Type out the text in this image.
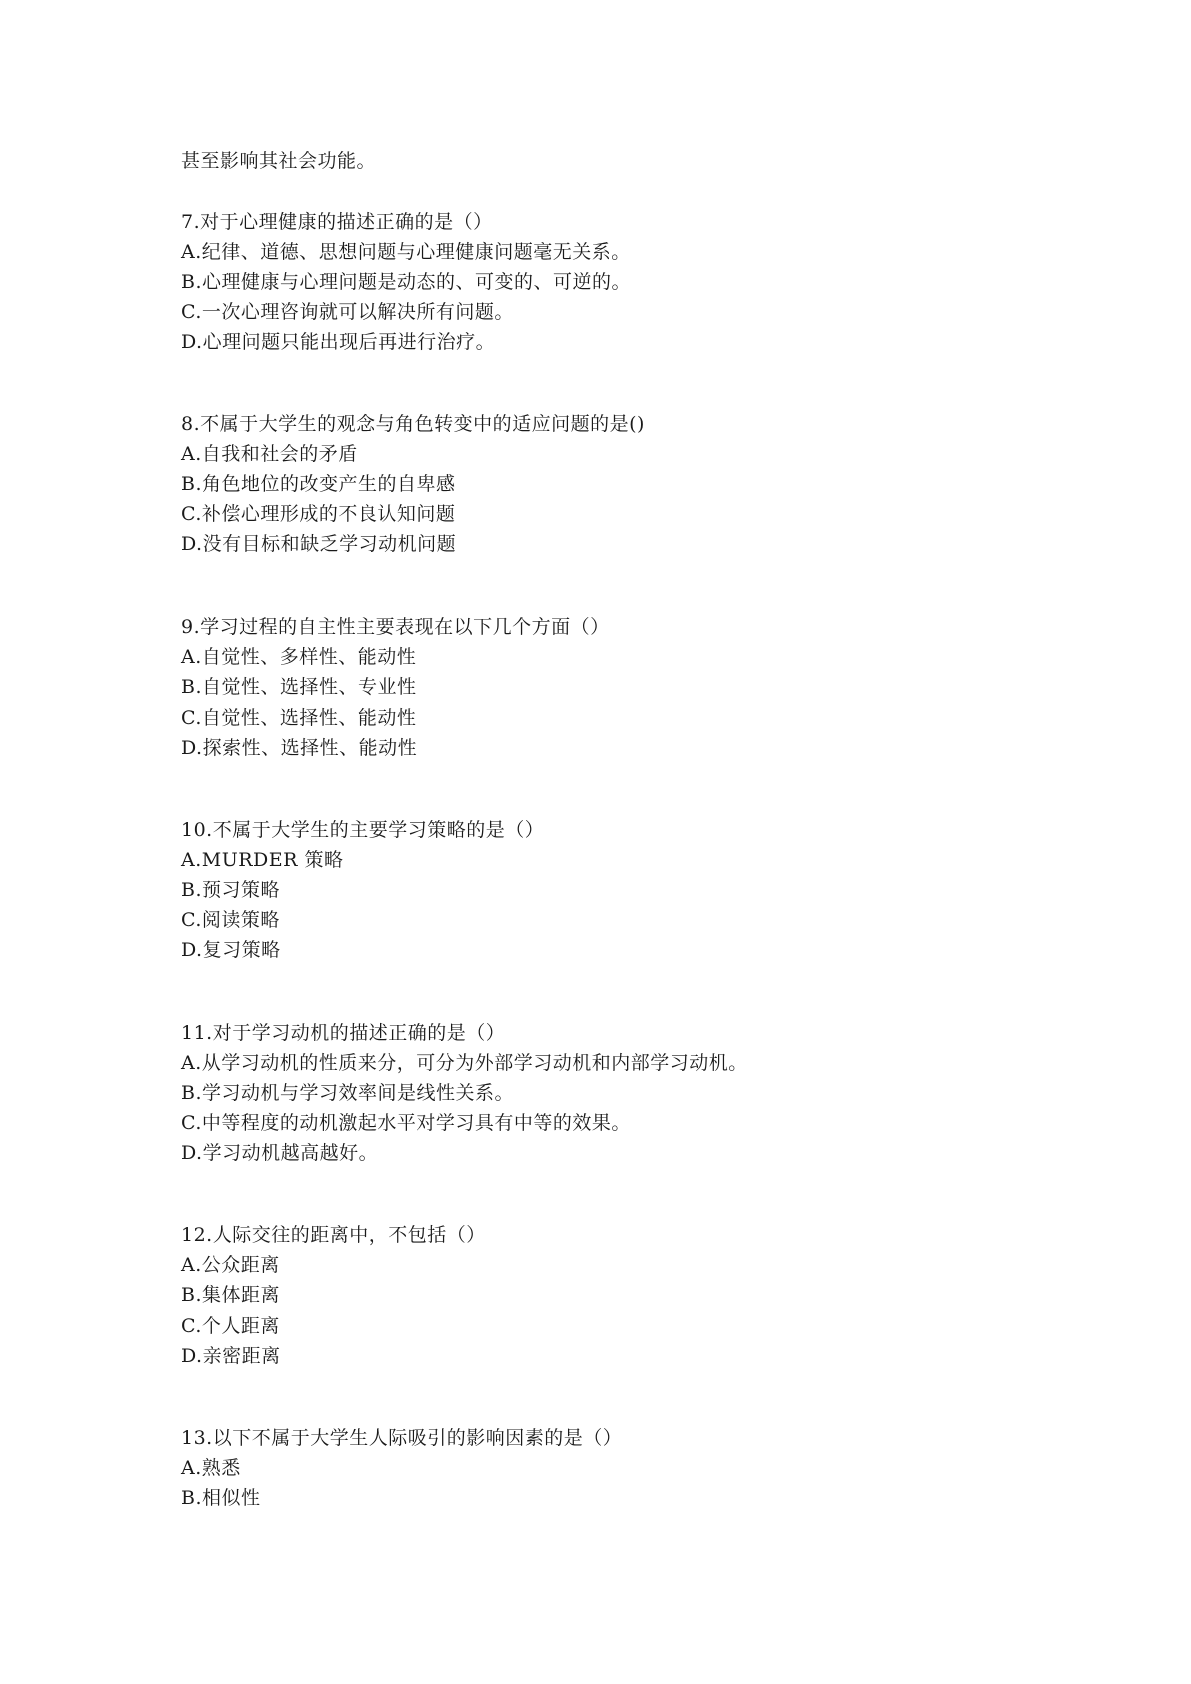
甚至影响其社会功能。
7.对于心理健康的描述正确的是（）
A.纪律、道德、思想问题与心理健康问题毫无关系。
B.心理健康与心理问题是动态的、可变的、可逆的。
C.一次心理咨询就可以解决所有问题。
D.心理问题只能出现后再进行治疗。
8.不属于大学生的观念与角色转变中的适应问题的是()
A.自我和社会的矛盾
B.角色地位的改变产生的自卑感
C.补偿心理形成的不良认知问题
D.没有目标和缺乏学习动机问题
9.学习过程的自主性主要表现在以下几个方面（）
A.自觉性、多样性、能动性
B.自觉性、选择性、专业性
C.自觉性、选择性、能动性
D.探索性、选择性、能动性
10.不属于大学生的主要学习策略的是（）
A.MURDER 策略
B.预习策略
C.阅读策略
D.复习策略
11.对于学习动机的描述正确的是（）
A.从学习动机的性质来分，可分为外部学习动机和内部学习动机。
B.学习动机与学习效率间是线性关系。
C.中等程度的动机激起水平对学习具有中等的效果。
D.学习动机越高越好。
12.人际交往的距离中，不包括（）
A.公众距离
B.集体距离
C.个人距离
D.亲密距离
13.以下不属于大学生人际吸引的影响因素的是（）
A.熟悉
B.相似性
